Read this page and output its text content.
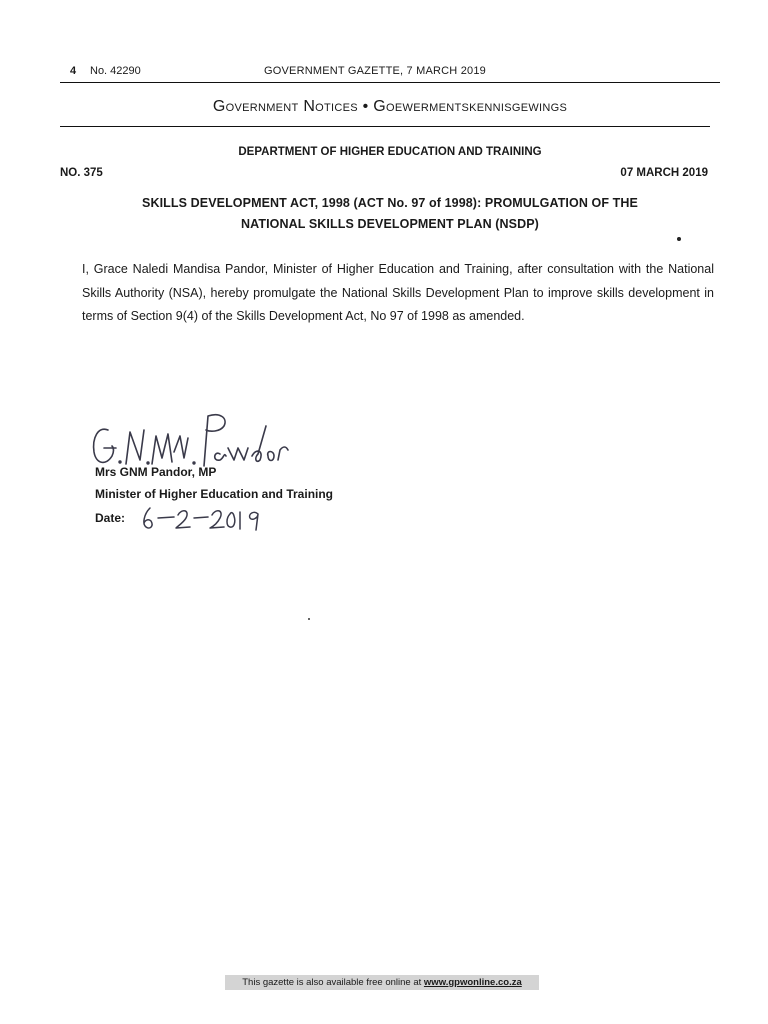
4 No. 42290	GOVERNMENT GAZETTE, 7 MARCH 2019
Government Notices • Goewermentskennisgewings
DEPARTMENT OF HIGHER EDUCATION AND TRAINING
NO. 375	07 MARCH 2019
SKILLS DEVELOPMENT ACT, 1998 (ACT No. 97 of 1998): PROMULGATION OF THE
NATIONAL SKILLS DEVELOPMENT PLAN (NSDP)
I, Grace Naledi Mandisa Pandor, Minister of Higher Education and Training, after consultation with the National Skills Authority (NSA), hereby promulgate the National Skills Development Plan to improve skills development in terms of Section 9(4) of the Skills Development Act, No 97 of 1998 as amended.
Mrs GNM Pandor, MP
Minister of Higher Education and Training
Date:
This gazette is also available free online at www.gpwonline.co.za
